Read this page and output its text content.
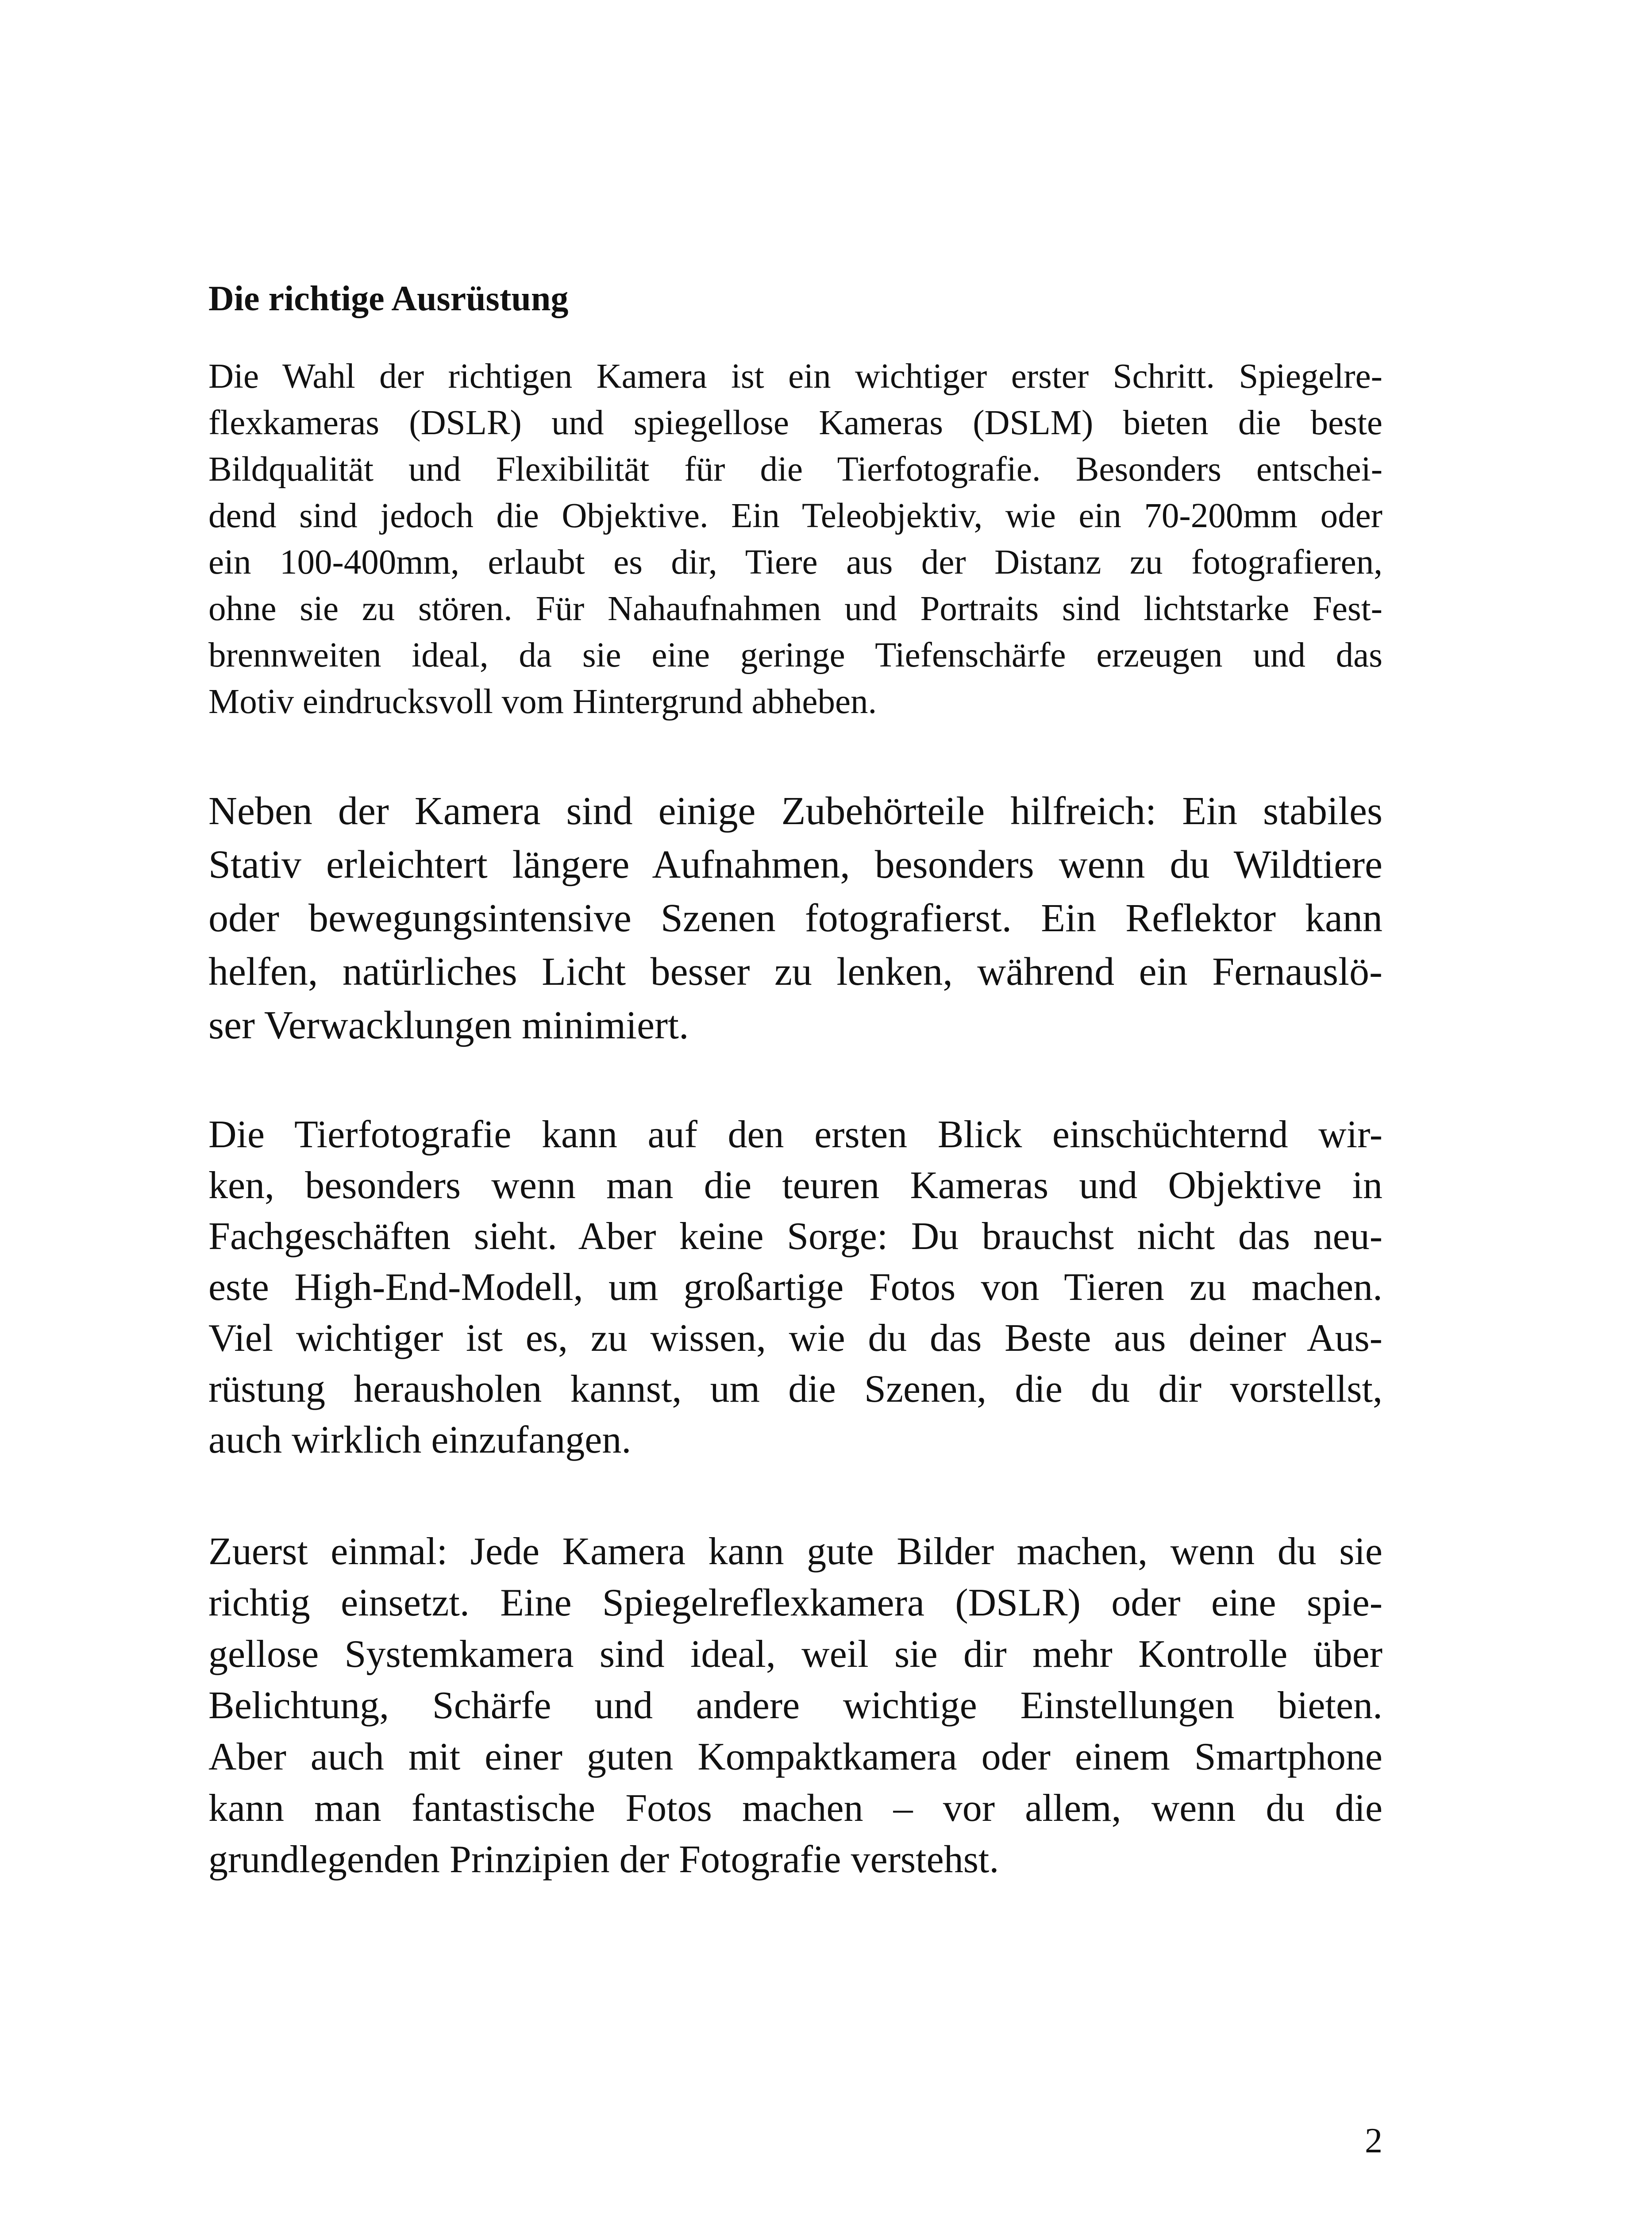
Die richtige Ausrüstung
Die Wahl der richtigen Kamera ist ein wichtiger erster Schritt. Spiegelre-
flexkameras (DSLR) und spiegellose Kameras (DSLM) bieten die beste
Bildqualität und Flexibilität für die Tierfotografie. Besonders entschei-
dend sind jedoch die Objektive. Ein Teleobjektiv, wie ein 70-200mm oder
ein 100-400mm, erlaubt es dir, Tiere aus der Distanz zu fotografieren,
ohne sie zu stören. Für Nahaufnahmen und Portraits sind lichtstarke Fest-
brennweiten ideal, da sie eine geringe Tiefenschärfe erzeugen und das
Motiv eindrucksvoll vom Hintergrund abheben.
Neben der Kamera sind einige Zubehörteile hilfreich: Ein stabiles
Stativ erleichtert längere Aufnahmen, besonders wenn du Wildtiere
oder bewegungsintensive Szenen fotografierst. Ein Reflektor kann
helfen, natürliches Licht besser zu lenken, während ein Fernauslö-
ser Verwacklungen minimiert.
Die Tierfotografie kann auf den ersten Blick einschüchternd wir-
ken, besonders wenn man die teuren Kameras und Objektive in
Fachgeschäften sieht. Aber keine Sorge: Du brauchst nicht das neu-
este High-End-Modell, um großartige Fotos von Tieren zu machen.
Viel wichtiger ist es, zu wissen, wie du das Beste aus deiner Aus-
rüstung herausholen kannst, um die Szenen, die du dir vorstellst,
auch wirklich einzufangen.
Zuerst einmal: Jede Kamera kann gute Bilder machen, wenn du sie
richtig einsetzt. Eine Spiegelreflexkamera (DSLR) oder eine spie-
gellose Systemkamera sind ideal, weil sie dir mehr Kontrolle über
Belichtung, Schärfe und andere wichtige Einstellungen bieten.
Aber auch mit einer guten Kompaktkamera oder einem Smartphone
kann man fantastische Fotos machen – vor allem, wenn du die
grundlegenden Prinzipien der Fotografie verstehst.
2
